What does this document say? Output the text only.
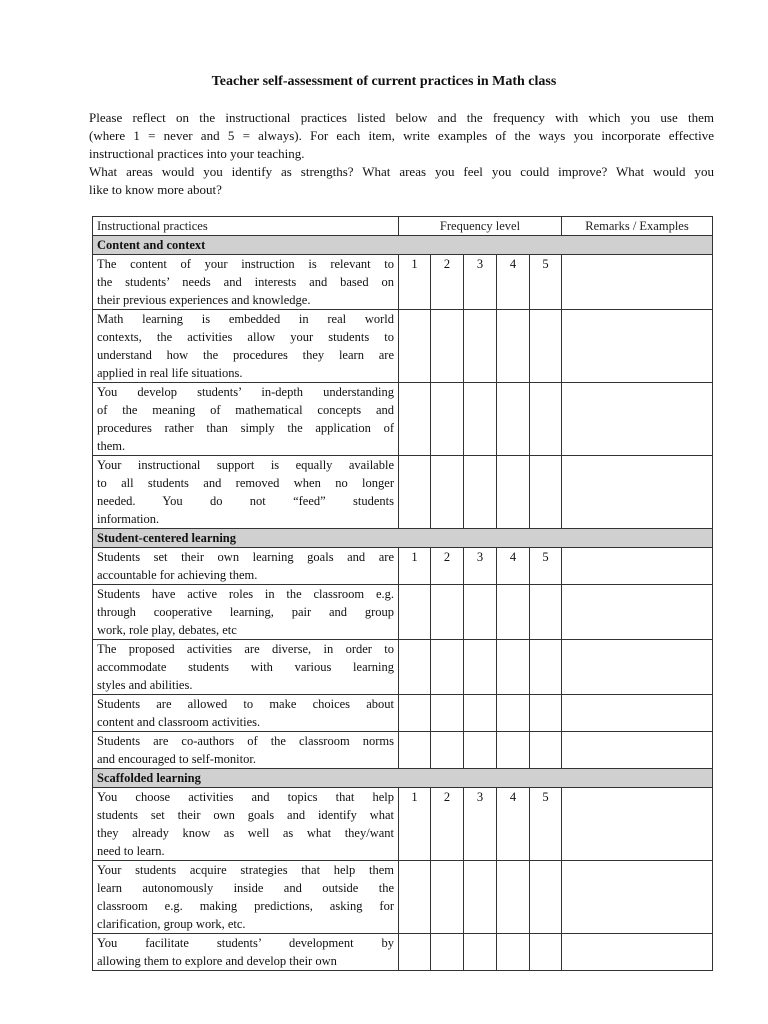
Teacher self-assessment of current practices in Math class
Please reflect on the instructional practices listed below and the frequency with which you use them
(where 1 = never and 5 = always). For each item, write examples of the ways you incorporate effective
instructional practices into your teaching.
What areas would you identify as strengths? What areas you feel you could improve? What would you
like to know more about?
Instructional practices	Frequency level					Remarks / Examples
Content and context						

The content of your instruction is relevant to
the students’ needs and interests and based on
their previous experiences and knowledge.	1	2	3	4	5	

Math learning is embedded in real world
contexts, the activities allow your students to
understand how the procedures they learn are
applied in real life situations.						

You develop students’ in-depth understanding
of the meaning of mathematical concepts and
procedures rather than simply the application of
them.						

Your instructional support is equally available
to all students and removed when no longer
needed. You do not “feed” students
information.						

Student-centered learning						

Students set their own learning goals and are
accountable for achieving them.	1	2	3	4	5	

Students have active roles in the classroom e.g.
through cooperative learning, pair and group
work, role play, debates, etc						

The proposed activities are diverse, in order to
accommodate students with various learning
styles and abilities.						

Students are allowed to make choices about
content and classroom activities.						

Students are co-authors of the classroom norms
and encouraged to self-monitor.						

Scaffolded learning						

You choose activities and topics that help
students set their own goals and identify what
they already know as well as what they/want
need to learn.	1	2	3	4	5	

Your students acquire strategies that help them
learn autonomously inside and outside the
classroom e.g. making predictions, asking for
clarification, group work, etc.						

You facilitate students’ development by
allowing them to explore and develop their own						
